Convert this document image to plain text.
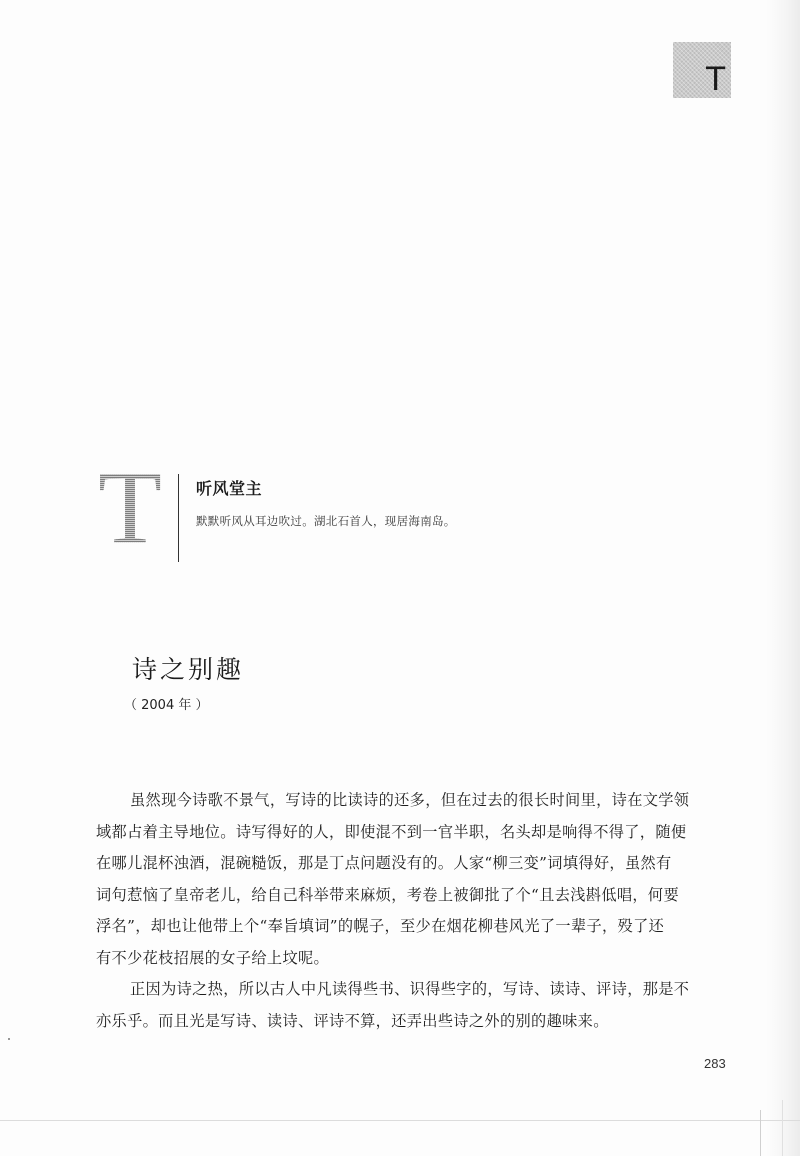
T
T	听风堂主
默默听风从耳边吹过。湖北石首人，现居海南岛。
诗之别趣
（ 2004 年 ）
虽然现今诗歌不景气，写诗的比读诗的还多，但在过去的很长时间里，诗在文学领
域都占着主导地位。诗写得好的人，即使混不到一官半职，名头却是响得不得了，随便
在哪儿混杯浊酒，混碗糙饭，那是丁点问题没有的。人家“柳三变”词填得好，虽然有
词句惹恼了皇帝老儿，给自己科举带来麻烦，考卷上被御批了个“且去浅斟低唱，何要
浮名”，却也让他带上个“奉旨填词”的幌子，至少在烟花柳巷风光了一辈子，殁了还
有不少花枝招展的女子给上坟呢。
正因为诗之热，所以古人中凡读得些书、识得些字的，写诗、读诗、评诗，那是不
亦乐乎。而且光是写诗、读诗、评诗不算，还弄出些诗之外的别的趣味来。
283
